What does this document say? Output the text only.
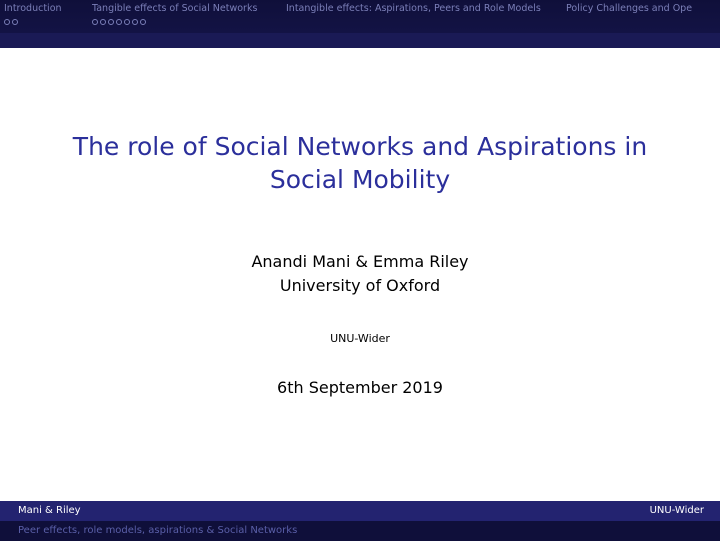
Introduction	Tangible effects of Social Networks	Intangible effects: Aspirations, Peers and Role Models	Policy Challenges and Ope
The role of Social Networks and Aspirations in
Social Mobility
Anandi Mani & Emma Riley
University of Oxford
UNU-Wider
6th September 2019
Mani & Riley	UNU-Wider
Peer effects, role models, aspirations & Social Networks
